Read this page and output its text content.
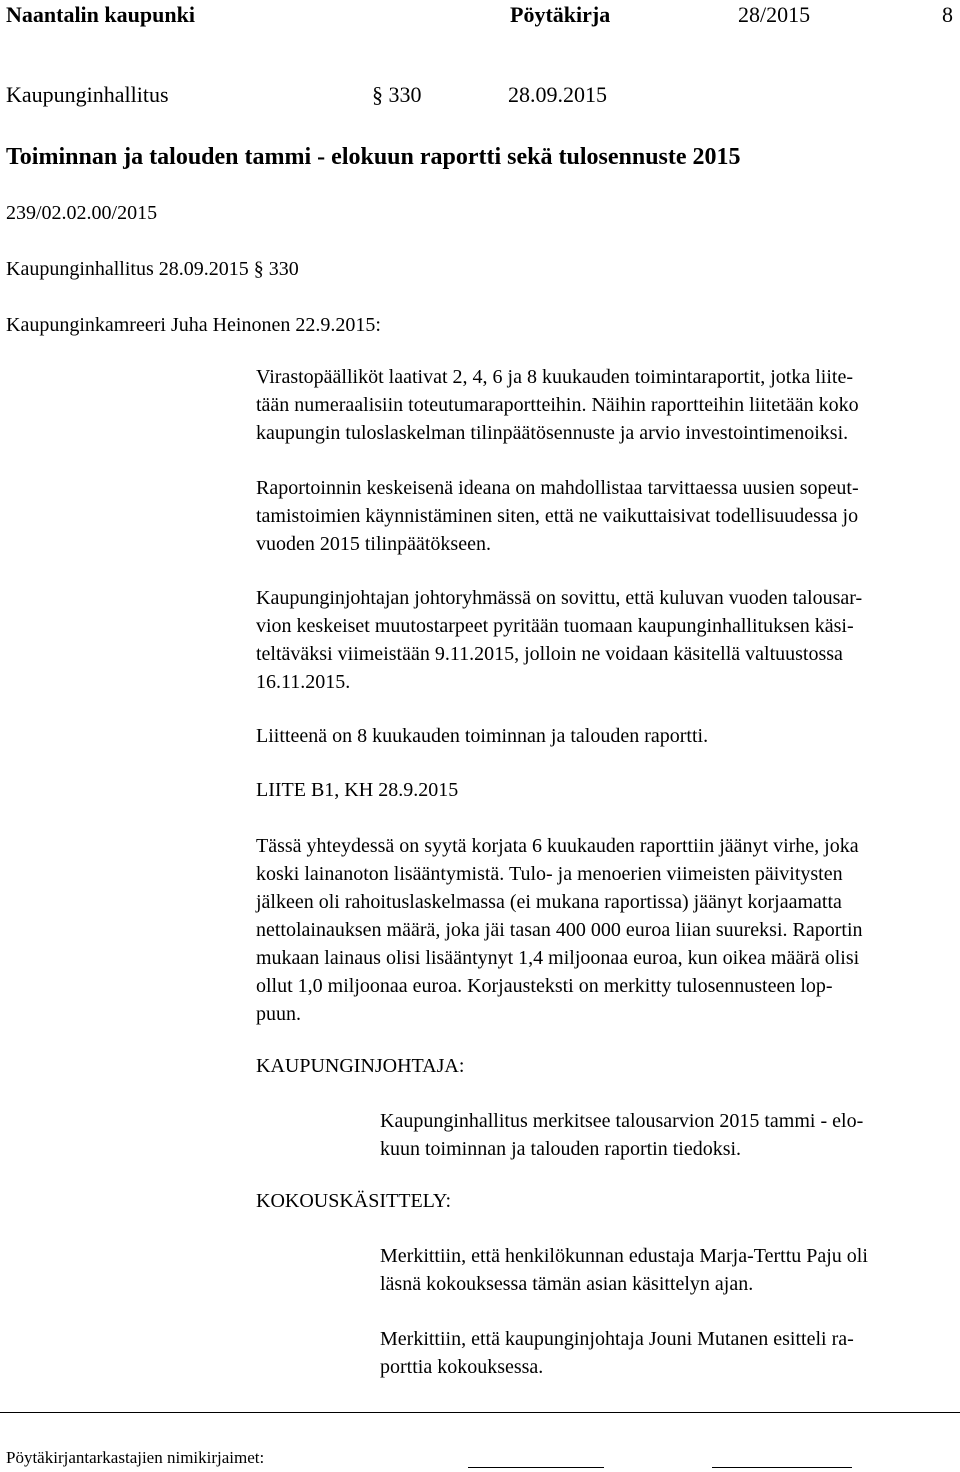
Naantalin kaupunki	Pöytäkirja	28/2015	8
Kaupunginhallitus	§ 330	28.09.2015
Toiminnan ja talouden tammi - elokuun raportti sekä tulosennuste 2015
239/02.02.00/2015
Kaupunginhallitus 28.09.2015 § 330
Kaupunginkamreeri Juha Heinonen 22.9.2015:
Virastopäälliköt laativat 2, 4, 6 ja 8 kuukauden toimintaraportit, jotka liite-
tään numeraalisiin toteutumaraportteihin. Näihin raportteihin liitetään koko
kaupungin tuloslaskelman tilinpäätösennuste ja arvio investointimenoiksi.
Raportoinnin keskeisenä ideana on mahdollistaa tarvittaessa uusien sopeut-
tamistoimien käynnistäminen siten, että ne vaikuttaisivat todellisuudessa jo
vuoden 2015 tilinpäätökseen.
Kaupunginjohtajan johtoryhmässä on sovittu, että kuluvan vuoden talousar-
vion keskeiset muutostarpeet pyritään tuomaan kaupunginhallituksen käsi-
teltäväksi viimeistään 9.11.2015, jolloin ne voidaan käsitellä valtuustossa
16.11.2015.
Liitteenä on 8 kuukauden toiminnan ja talouden raportti.
LIITE B1, KH 28.9.2015
Tässä yhteydessä on syytä korjata 6 kuukauden raporttiin jäänyt virhe, joka
koski lainanoton lisääntymistä. Tulo- ja menoerien viimeisten päivitysten
jälkeen oli rahoituslaskelmassa (ei mukana raportissa) jäänyt korjaamatta
nettolainauksen määrä, joka jäi tasan 400 000 euroa liian suureksi. Raportin
mukaan lainaus olisi lisääntynyt 1,4 miljoonaa euroa, kun oikea määrä olisi
ollut 1,0 miljoonaa euroa. Korjausteksti on merkitty tulosennusteen lop-
puun.
KAUPUNGINJOHTAJA:
Kaupunginhallitus merkitsee talousarvion 2015 tammi - elo-
kuun toiminnan ja talouden raportin tiedoksi.
KOKOUSKÄSITTELY:
Merkittiin, että henkilökunnan edustaja Marja-Terttu Paju oli
läsnä kokouksessa tämän asian käsittelyn ajan.
Merkittiin, että kaupunginjohtaja Jouni Mutanen esitteli ra-
porttia kokouksessa.
Pöytäkirjantarkastajien nimikirjaimet:
